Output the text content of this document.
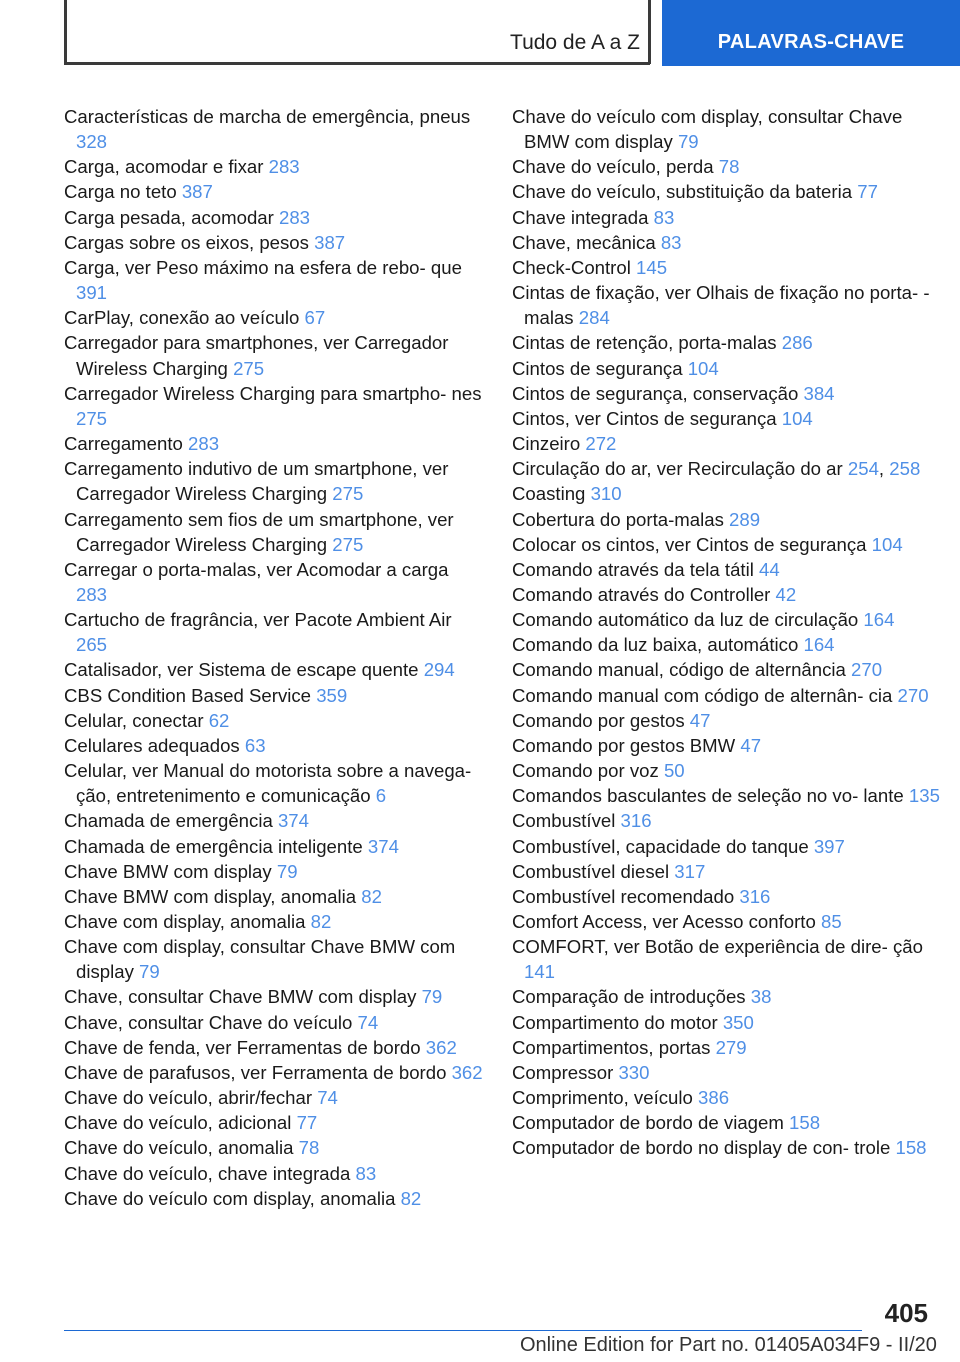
Tudo de A a Z	PALAVRAS-CHAVE

Características de marcha de emergência, pneus 328

Carga, acomodar e fixar 283

Carga no teto 387

Carga pesada, acomodar 283

Cargas sobre os eixos, pesos 387

Carga, ver Peso máximo na esfera de rebo‐ que 391

CarPlay, conexão ao veículo 67

Carregador para smartphones, ver Carregador Wireless Charging 275

Carregador Wireless Charging para smartpho‐ nes 275

Carregamento 283

Carregamento indutivo de um smartphone, ver Carregador Wireless Charging 275

Carregamento sem fios de um smartphone, ver Carregador Wireless Charging 275

Carregar o porta-malas, ver Acomodar a carga 283

Cartucho de fragrância, ver Pacote Ambient Air 265

Catalisador, ver Sistema de escape quente 294

CBS Condition Based Service 359

Celular, conectar 62

Celulares adequados 63

Celular, ver Manual do motorista sobre a navega‐ ção, entretenimento e comunicação 6

Chamada de emergência 374

Chamada de emergência inteligente 374

Chave BMW com display 79

Chave BMW com display, anomalia 82

Chave com display, anomalia 82

Chave com display, consultar Chave BMW com display 79

Chave, consultar Chave BMW com display 79

Chave, consultar Chave do veículo 74

Chave de fenda, ver Ferramentas de bordo 362

Chave de parafusos, ver Ferramenta de bordo 362

Chave do veículo, abrir/fechar 74

Chave do veículo, adicional 77

Chave do veículo, anomalia 78

Chave do veículo, chave integrada 83

Chave do veículo com display, anomalia 82

Chave do veículo com display, consultar Chave BMW com display 79

Chave do veículo, perda 78

Chave do veículo, substituição da bateria 77

Chave integrada 83

Chave, mecânica 83

Check-Control 145

Cintas de fixação, ver Olhais de fixação no porta- -malas 284

Cintas de retenção, porta-malas 286

Cintos de segurança 104

Cintos de segurança, conservação 384

Cintos, ver Cintos de segurança 104

Cinzeiro 272

Circulação do ar, ver Recirculação do ar 254, 258

Coasting 310

Cobertura do porta-malas 289

Colocar os cintos, ver Cintos de segurança 104

Comando através da tela tátil 44

Comando através do Controller 42

Comando automático da luz de circulação 164

Comando da luz baixa, automático 164

Comando manual, código de alternância 270

Comando manual com código de alternân‐ cia 270

Comando por gestos 47

Comando por gestos BMW 47

Comando por voz 50

Comandos basculantes de seleção no vo‐ lante 135

Combustível 316

Combustível, capacidade do tanque 397

Combustível diesel 317

Combustível recomendado 316

Comfort Access, ver Acesso conforto 85

COMFORT, ver Botão de experiência de dire‐ ção 141

Comparação de introduções 38

Compartimento do motor 350

Compartimentos, portas 279

Compressor 330

Comprimento, veículo 386

Computador de bordo de viagem 158

Computador de bordo no display de con‐ trole 158

405
Online Edition for Part no. 01405A034F9 - II/20
